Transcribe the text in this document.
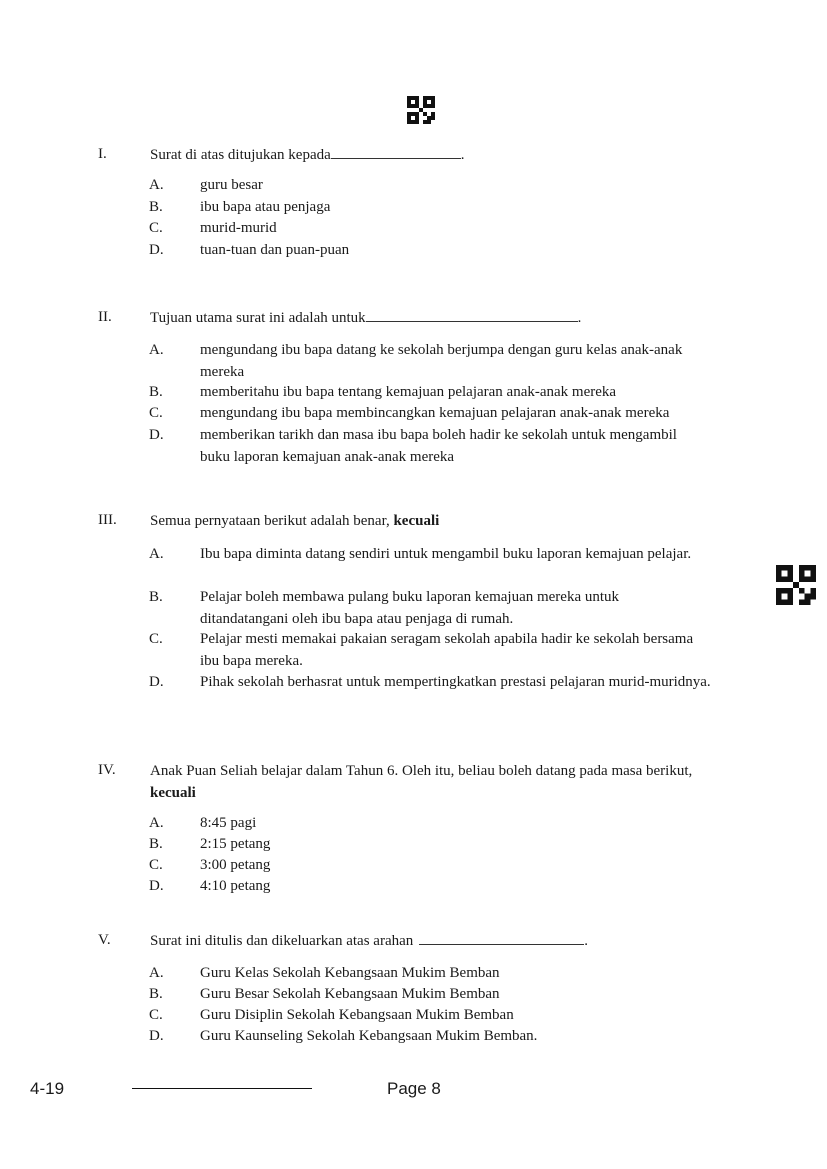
I.	Surat di atas ditujukan kepada	.
A.	guru besar
B.	ibu bapa atau penjaga
C.	murid-murid
D.	tuan-tuan dan puan-puan
II.	Tujuan utama surat ini adalah untuk	.
A.	mengundang ibu bapa datang ke sekolah berjumpa dengan guru kelas anak-anak mereka
B.	memberitahu ibu bapa tentang kemajuan pelajaran anak-anak mereka
C.	mengundang ibu bapa membincangkan kemajuan pelajaran anak-anak mereka
D.	memberikan tarikh dan masa ibu bapa boleh hadir ke sekolah untuk mengambil buku laporan kemajuan anak-anak mereka
III. Semua pernyataan berikut adalah benar, kecuali
A.	Ibu bapa diminta datang sendiri untuk mengambil buku laporan kemajuan pelajar.
B.	Pelajar boleh membawa pulang buku laporan kemajuan mereka untuk ditandatangani oleh ibu bapa atau penjaga di rumah.
C.	Pelajar mesti memakai pakaian seragam sekolah apabila hadir ke sekolah bersama ibu bapa mereka.
D.	Pihak sekolah berhasrat untuk mempertingkatkan prestasi pelajaran murid-muridnya.
IV. Anak Puan Seliah belajar dalam Tahun 6. Oleh itu, beliau boleh datang pada masa berikut, kecuali
A.	8:45 pagi
B.	2:15 petang
C.	3:00 petang
D.	4:10 petang
V.	Surat ini ditulis dan dikeluarkan atas arahan	.
A.	Guru Kelas Sekolah Kebangsaan Mukim Bemban
B.	Guru Besar Sekolah Kebangsaan Mukim Bemban
C.	Guru Disiplin Sekolah Kebangsaan Mukim Bemban
D.	Guru Kaunseling Sekolah Kebangsaan Mukim Bemban.
4-19	Page 8
